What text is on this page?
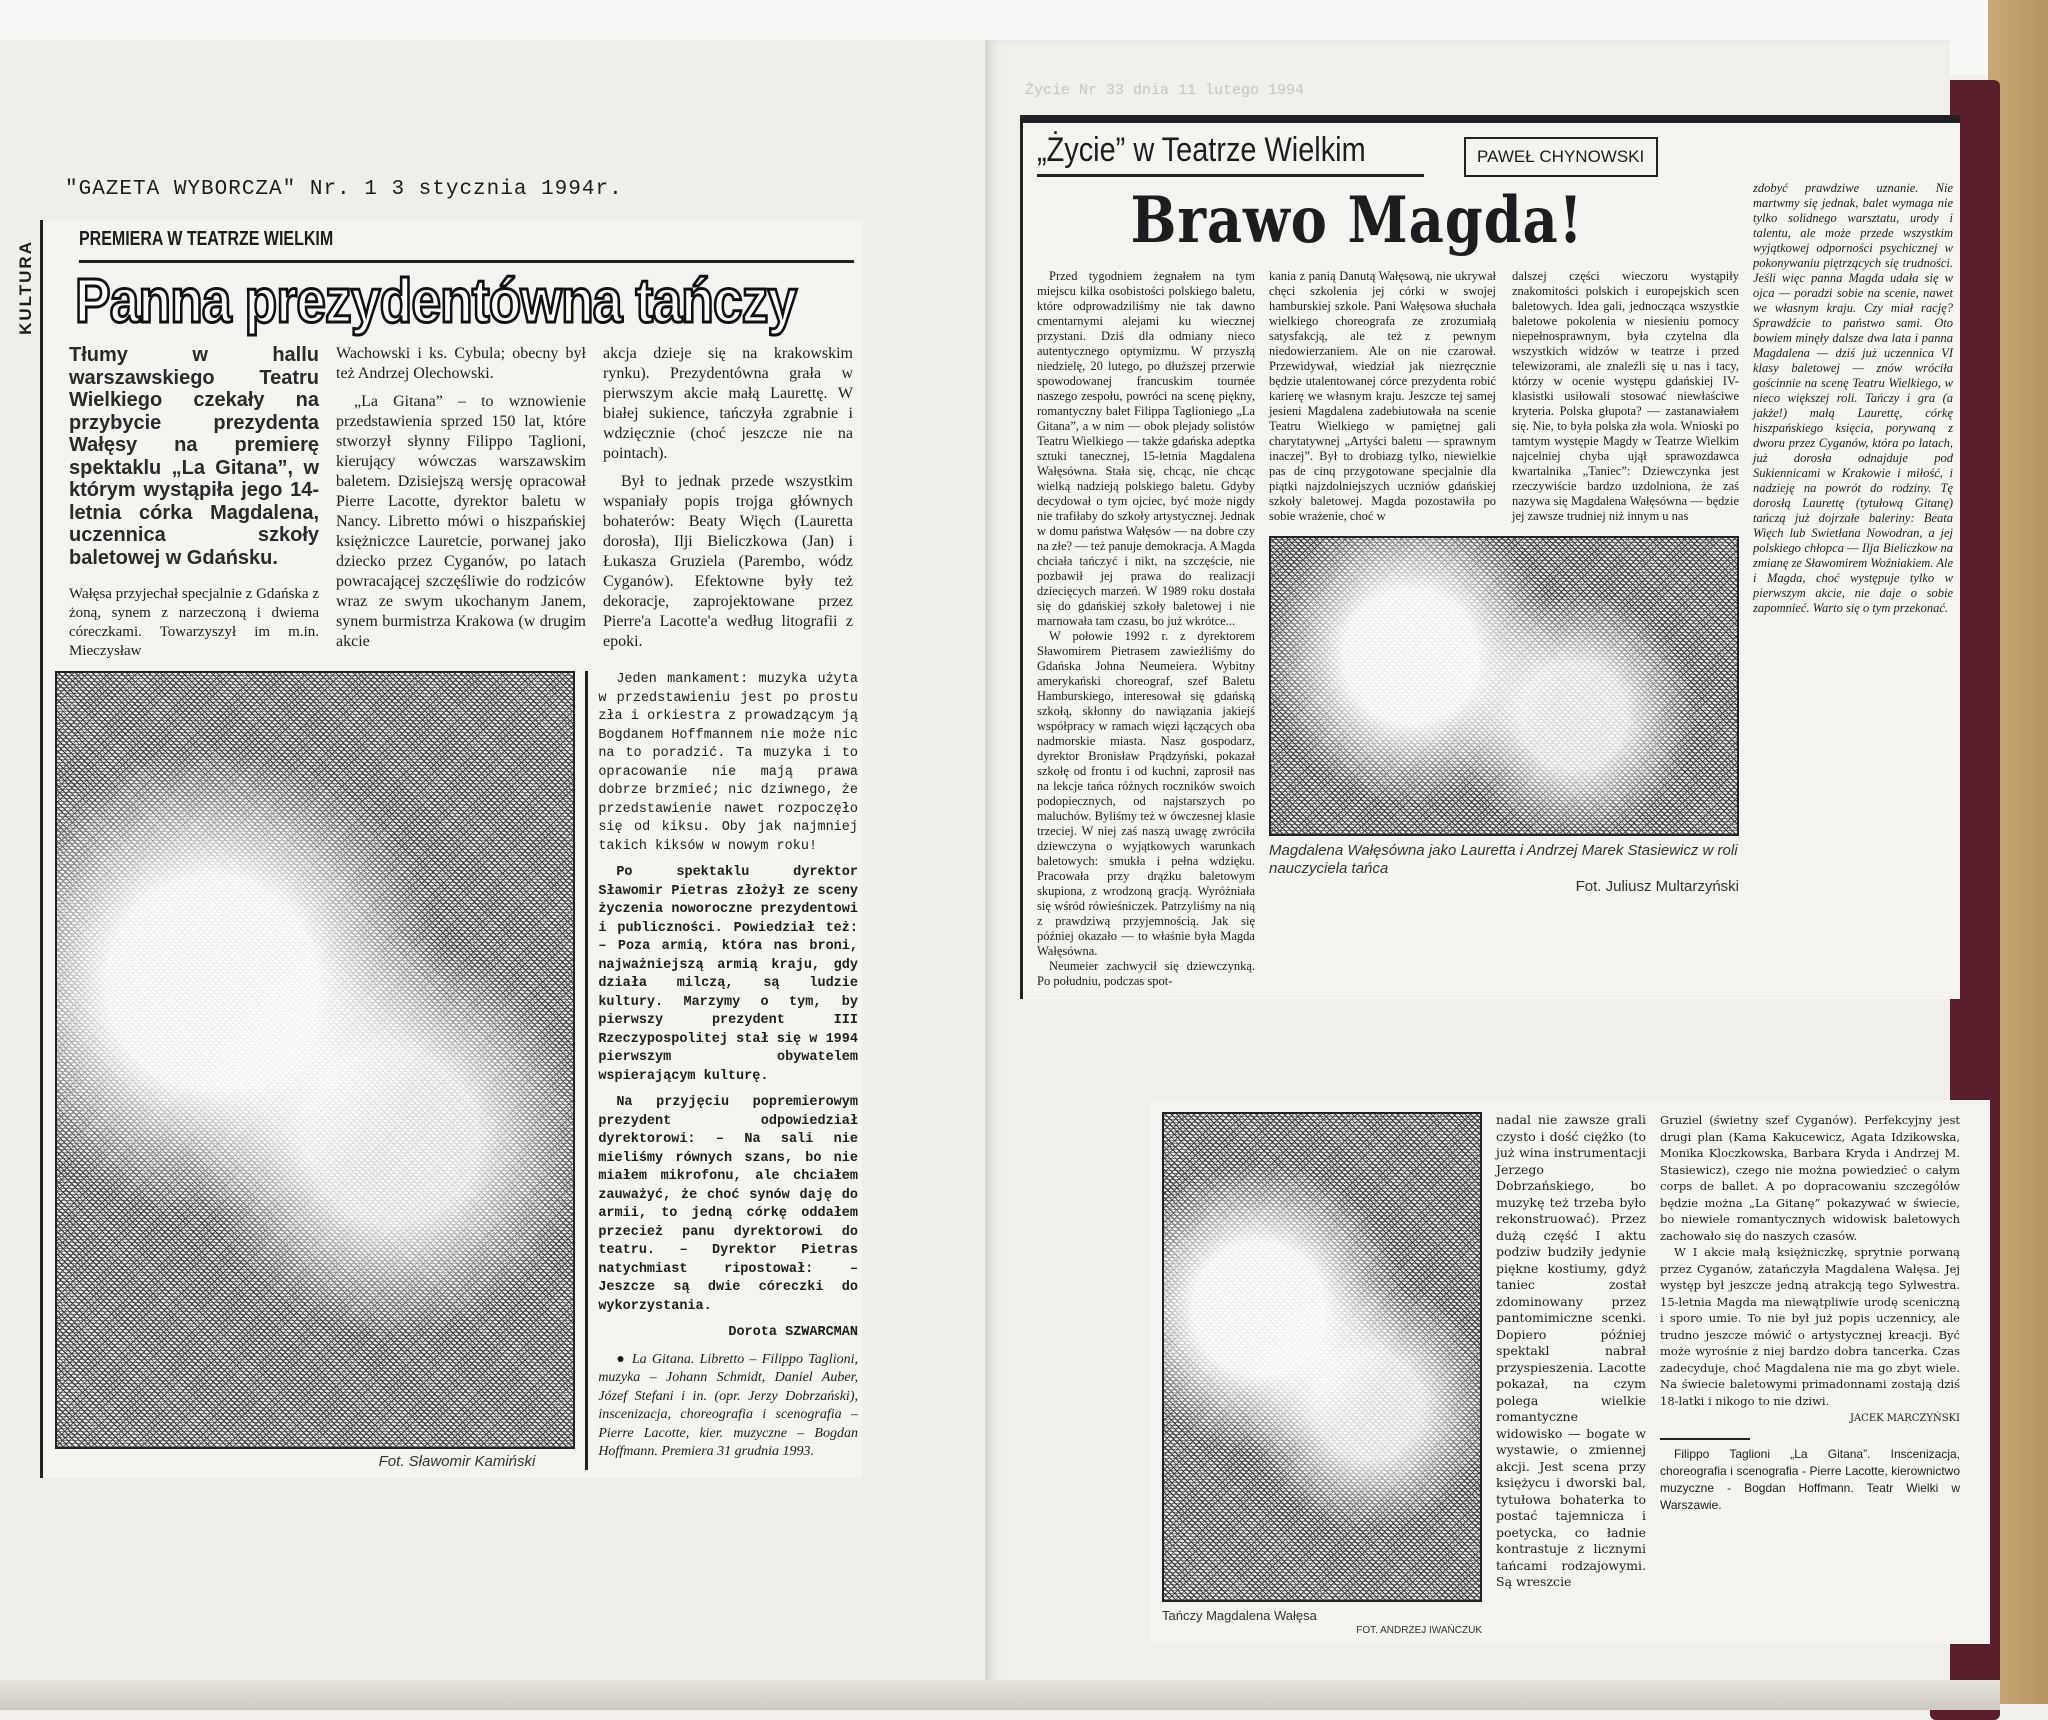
"GAZETA WYBORCZA" Nr. 1 3 stycznia 1994r.
KULTURA
PREMIERA W TEATRZE WIELKIM
Panna prezydentówna tańczy
Tłumy w hallu warszawskiego Teatru Wielkiego czekały na przybycie prezydenta Wałęsy na premierę spektaklu „La Gitana”, w którym wystąpiła jego 14-letnia córka Magdalena, uczennica szkoły baletowej w Gdańsku.
Wałęsa przyjechał specjalnie z Gdańska z żoną, synem z narzeczoną i dwiema córeczkami. Towarzyszył im m.in. Mieczysław

Wachowski i ks. Cybula; obecny był też Andrzej Olechowski.

„La Gitana” – to wznowienie przedstawienia sprzed 150 lat, które stworzył słynny Filippo Taglioni, kierujący wówczas warszawskim baletem. Dzisiejszą wersję opracował Pierre Lacotte, dyrektor baletu w Nancy. Libretto mówi o hiszpańskiej księżniczce Lauretcie, porwanej jako dziecko przez Cyganów, po latach powracającej szczęśliwie do rodziców wraz ze swym ukochanym Janem, synem burmistrza Krakowa (w drugim akcie

akcja dzieje się na krakowskim rynku). Prezydentówna grała w pierwszym akcie małą Laurettę. W białej sukience, tańczyła zgrabnie i wdzięcznie (choć jeszcze nie na pointach).

Był to jednak przede wszystkim wspaniały popis trojga głównych bohaterów: Beaty Więch (Lauretta dorosła), Ilji Bieliczkowa (Jan) i Łukasza Gruziela (Parembo, wódz Cyganów). Efektowne były też dekoracje, zaprojektowane przez Pierre'a Lacotte'a według litografii z epoki.

Fot. Sławomir Kamiński

Jeden mankament: muzyka użyta w przedstawieniu jest po prostu zła i orkiestra z prowadzącym ją Bogdanem Hoffmannem nie może nic na to poradzić. Ta muzyka i to opracowanie nie mają prawa dobrze brzmieć; nic dziwnego, że przedstawienie nawet rozpoczęło się od kiksu. Oby jak najmniej takich kiksów w nowym roku!

Po spektaklu dyrektor Sławomir Pietras złożył ze sceny życzenia noworoczne prezydentowi i publiczności. Powiedział też: – Poza armią, która nas broni, najważniejszą armią kraju, gdy działa milczą, są ludzie kultury. Marzymy o tym, by pierwszy prezydent III Rzeczypospolitej stał się w 1994 pierwszym obywatelem wspierającym kulturę.

Na przyjęciu popremierowym prezydent odpowiedział dyrektorowi: – Na sali nie mieliśmy równych szans, bo nie miałem mikrofonu, ale chciałem zauważyć, że choć synów daję do armii, to jedną córkę oddałem przecież panu dyrektorowi do teatru. – Dyrektor Pietras natychmiast ripostował: – Jeszcze są dwie córeczki do wykorzystania.

Dorota SZWARCMAN

● La Gitana. Libretto – Filippo Taglioni, muzyka – Johann Schmidt, Daniel Auber, Józef Stefani i in. (opr. Jerzy Dobrzański), inscenizacja, choreografia i scenografia – Pierre Lacotte, kier. muzyczne – Bogdan Hoffmann. Premiera 31 grudnia 1993.

Życie Nr 33 dnia 11 lutego 1994
„Życie” w Teatrze Wielkim	PAWEŁ CHYNOWSKI
Brawo Magda!

Przed tygodniem żegnałem na tym miejscu kilka osobistości polskiego baletu, które odprowadziliśmy nie tak dawno cmentarnymi alejami ku wiecznej przystani. Dziś dla odmiany nieco autentycznego optymizmu. W przyszłą niedzielę, 20 lutego, po dłuższej przerwie spowodowanej francuskim tournée naszego zespołu, powróci na scenę piękny, romantyczny balet Filippa Taglioniego „La Gitana”, a w nim — obok plejady solistów Teatru Wielkiego — także gdańska adeptka sztuki tanecznej, 15-letnia Magdalena Wałęsówna. Stała się, chcąc, nie chcąc wielką nadzieją polskiego baletu. Gdyby decydował o tym ojciec, być może nigdy nie trafiłaby do szkoły artystycznej. Jednak w domu państwa Wałęsów — na dobre czy na złe? — też panuje demokracja. A Magda chciała tańczyć i nikt, na szczęście, nie pozbawił jej prawa do realizacji dziecięcych marzeń. W 1989 roku dostała się do gdańskiej szkoły baletowej i nie marnowała tam czasu, bo już wkrótce...

W połowie 1992 r. z dyrektorem Sławomirem Pietrasem zawieźliśmy do Gdańska Johna Neumeiera. Wybitny amerykański choreograf, szef Baletu Hamburskiego, interesował się gdańską szkołą, skłonny do nawiązania jakiejś współpracy w ramach więzi łączących oba nadmorskie miasta. Nasz gospodarz, dyrektor Bronisław Prądzyński, pokazał szkołę od frontu i od kuchni, zaprosił nas na lekcje tańca różnych roczników swoich podopiecznych, od najstarszych po maluchów. Byliśmy też w ówczesnej klasie trzeciej. W niej zaś naszą uwagę zwróciła dziewczyna o wyjątkowych warunkach baletowych: smukła i pełna wdzięku. Pracowała przy drążku baletowym skupiona, z wrodzoną gracją. Wyróżniała się wśród rówieśniczek. Patrzyliśmy na nią z prawdziwą przyjemnością. Jak się później okazało — to właśnie była Magda Wałęsówna.

Neumeier zachwycił się dziewczynką. Po południu, podczas spot-

kania z panią Danutą Wałęsową, nie ukrywał chęci szkolenia jej córki w swojej hamburskiej szkole. Pani Wałęsowa słuchała wielkiego choreografa ze zrozumiałą satysfakcją, ale też z pewnym niedowierzaniem. Ale on nie czarował. Przewidywał, wiedział jak niezręcznie będzie utalentowanej córce prezydenta robić karierę we własnym kraju. Jeszcze tej samej jesieni Magdalena zadebiutowała na scenie Teatru Wielkiego w pamiętnej gali charytatywnej „Artyści baletu — sprawnym inaczej”. Był to drobiazg tylko, niewielkie pas de cinq przygotowane specjalnie dla piątki najzdolniejszych uczniów gdańskiej szkoły baletowej. Magda pozostawiła po sobie wrażenie, choć w
dalszej części wieczoru wystąpiły znakomitości polskich i europejskich scen baletowych. Idea gali, jednocząca wszystkie baletowe pokolenia w niesieniu pomocy niepełnosprawnym, była czytelna dla wszystkich widzów w teatrze i przed telewizorami, ale znaleźli się u nas i tacy, którzy w ocenie występu gdańskiej IV-klasistki usiłowali stosować niewłaściwe kryteria. Polska głupota? — zastanawiałem się. Nie, to była polska zła wola. Wnioski po tamtym występie Magdy w Teatrze Wielkim najcelniej chyba ujął sprawozdawca kwartalnika „Taniec”: Dziewczynka jest rzeczywiście bardzo uzdolniona, że zaś nazywa się Magdalena Wałęsówna — będzie jej zawsze trudniej niż innym u nas
Magdalena Wałęsówna jako Lauretta i Andrzej Marek Stasiewicz w roli nauczyciela tańca
Fot. Juliusz Multarzyński
zdobyć prawdziwe uznanie. Nie martwmy się jednak, balet wymaga nie tylko solidnego warsztatu, urody i talentu, ale może przede wszystkim wyjątkowej odporności psychicznej w pokonywaniu piętrzących się trudności. Jeśli więc panna Magda udała się w ojca — poradzi sobie na scenie, nawet we własnym kraju. Czy miał rację? Sprawdźcie to państwo sami. Oto bowiem minęły dalsze dwa lata i panna Magdalena — dziś już uczennica VI klasy baletowej — znów wróciła gościnnie na scenę Teatru Wielkiego, w nieco większej roli. Tańczy i gra (a jakże!) małą Laurettę, córkę hiszpańskiego księcia, porywaną z dworu przez Cyganów, która po latach, już dorosła odnajduje pod Sukiennicami w Krakowie i miłość, i nadzieję na powrót do rodziny. Tę dorosłą Laurettę (tytułową Gitanę) tańczą już dojrzałe baleriny: Beata Więch lub Swietłana Nowodran, a jej polskiego chłopca — Ilja Bieliczkow na zmianę ze Sławomirem Woźniakiem. Ale i Magda, choć występuje tylko w pierwszym akcie, nie daje o sobie zapomnieć. Warto się o tym przekonać.
Tańczy Magdalena Wałęsa
FOT. ANDRZEJ IWAŃCZUK
nadal nie zawsze grali czysto i dość ciężko (to już wina instrumentacji Jerzego Dobrzańskiego, bo muzykę też trzeba było rekonstruować). Przez dużą część I aktu podziw budziły jedynie piękne kostiumy, gdyż taniec został zdominowany przez pantomimiczne scenki. Dopiero później spektakl nabrał przyspieszenia. Lacotte pokazał, na czym polega wielkie romantyczne widowisko — bogate w wystawie, o zmiennej akcji. Jest scena przy księżycu i dworski bal, tytułowa bohaterka to postać tajemnicza i poetycka, co ładnie kontrastuje z licznymi tańcami rodzajowymi. Są wreszcie
Gruziel (świetny szef Cyganów). Perfekcyjny jest drugi plan (Kama Kakucewicz, Agata Idzikowska, Monika Kloczkowska, Barbara Kryda i Andrzej M. Stasiewicz), czego nie można powiedzieć o całym corps de ballet. A po dopracowaniu szczegółów będzie można „La Gitanę” pokazywać w świecie, bo niewiele romantycznych widowisk baletowych zachowało się do naszych czasów.
W I akcie małą księżniczkę, sprytnie porwaną przez Cyganów, zatańczyła Magdalena Wałęsa. Jej występ był jeszcze jedną atrakcją tego Sylwestra. 15-letnia Magda ma niewątpliwie urodę sceniczną i sporo umie. To nie był już popis uczennicy, ale trudno jeszcze mówić o artystycznej kreacji. Być może wyrośnie z niej bardzo dobra tancerka. Czas zadecyduje, choć Magdalena nie ma go zbyt wiele. Na świecie baletowymi primadonnami zostają dziś 18-latki i nikogo to nie dziwi.
JACEK MARCZYŃSKI
Filippo Taglioni „La Gitana”. Inscenizacja, choreografia i scenografia - Pierre Lacotte, kierownictwo muzyczne - Bogdan Hoffmann. Teatr Wielki w Warszawie.
